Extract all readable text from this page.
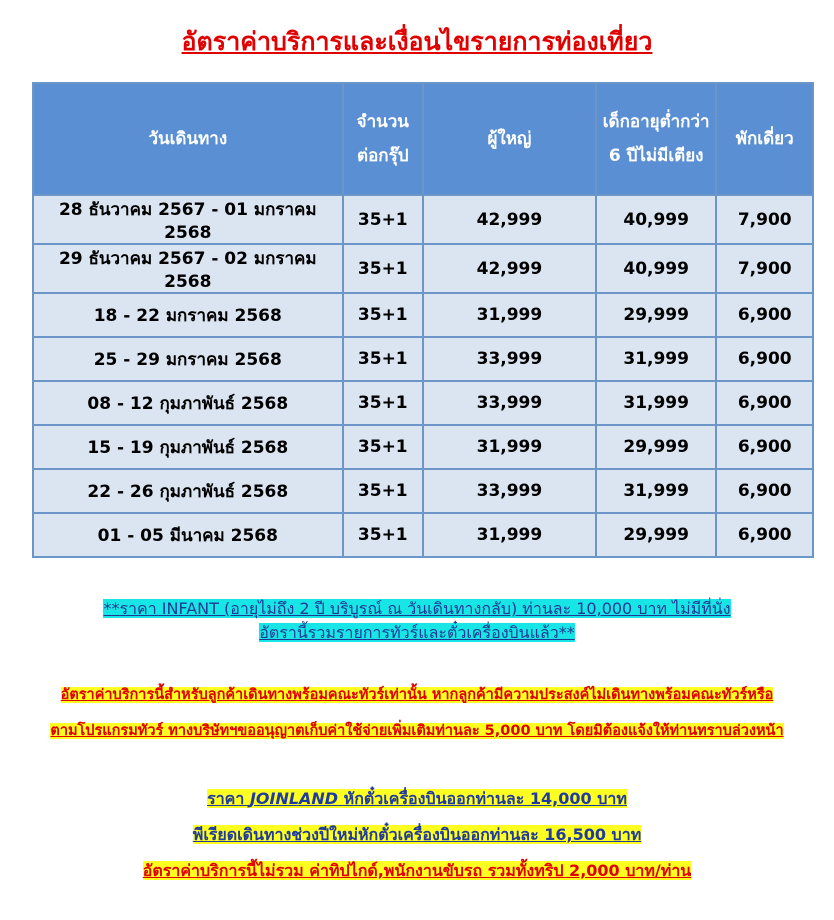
อัตราค่าบริการและเงื่อนไขรายการท่องเที่ยว
วันเดินทาง	จำนวน ต่อกรุ๊ป	ผู้ใหญ่	เด็กอายุต่ำกว่า 6 ปีไม่มีเตียง	พักเดี่ยว
28 ธันวาคม 2567 - 01 มกราคม 2568	35+1	42,999	40,999	7,900
29 ธันวาคม 2567 - 02 มกราคม 2568	35+1	42,999	40,999	7,900
18 - 22 มกราคม 2568	35+1	31,999	29,999	6,900
25 - 29 มกราคม 2568	35+1	33,999	31,999	6,900
08 - 12 กุมภาพันธ์ 2568	35+1	33,999	31,999	6,900
15 - 19 กุมภาพันธ์ 2568	35+1	31,999	29,999	6,900
22 - 26 กุมภาพันธ์ 2568	35+1	33,999	31,999	6,900
01 - 05 มีนาคม 2568	35+1	31,999	29,999	6,900
**ราคา INFANT (อายุไม่ถึง 2 ปี บริบูรณ์ ณ วันเดินทางกลับ) ท่านละ 10,000 บาท ไม่มีที่นั่ง
อัตรานี้รวมรายการทัวร์และตั๋วเครื่องบินแล้ว**
อัตราค่าบริการนี้สำหรับลูกค้าเดินทางพร้อมคณะทัวร์เท่านั้น หากลูกค้ามีความประสงค์ไม่เดินทางพร้อมคณะทัวร์หรือ
ตามโปรแกรมทัวร์ ทางบริษัทฯขออนุญาตเก็บค่าใช้จ่ายเพิ่มเติมท่านละ 5,000 บาท โดยมิต้องแจ้งให้ท่านทราบล่วงหน้า
ราคา JOINLAND หักตั๋วเครื่องบินออกท่านละ 14,000 บาท
พีเรียดเดินทางช่วงปีใหม่หักตั๋วเครื่องบินออกท่านละ 16,500 บาท
อัตราค่าบริการนี้ไม่รวม ค่าทิปไกด์,พนักงานขับรถ รวมทั้งทริป 2,000 บาท/ท่าน
